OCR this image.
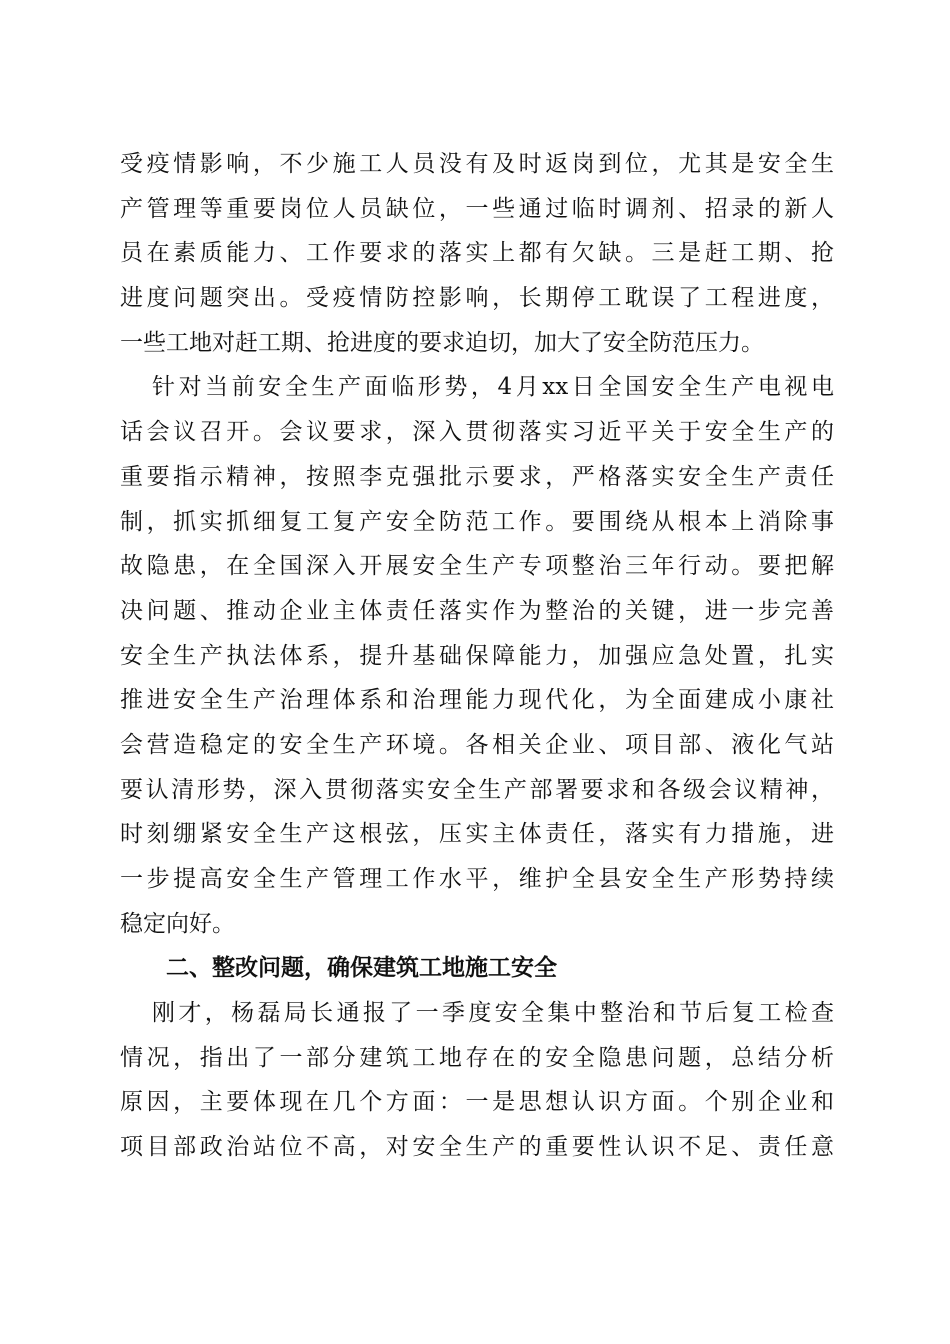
受疫情影响，不少施工人员没有及时返岗到位，尤其是安全生
产管理等重要岗位人员缺位，一些通过临时调剂、招录的新人
员在素质能力、工作要求的落实上都有欠缺。三是赶工期、抢
进度问题突出。受疫情防控影响，长期停工耽误了工程进度，
一些工地对赶工期、抢进度的要求迫切，加大了安全防范压力。
针对当前安全生产面临形势，4月xx日全国安全生产电视电
话会议召开。会议要求，深入贯彻落实习近平关于安全生产的
重要指示精神，按照李克强批示要求，严格落实安全生产责任
制，抓实抓细复工复产安全防范工作。要围绕从根本上消除事
故隐患，在全国深入开展安全生产专项整治三年行动。要把解
决问题、推动企业主体责任落实作为整治的关键，进一步完善
安全生产执法体系，提升基础保障能力，加强应急处置，扎实
推进安全生产治理体系和治理能力现代化，为全面建成小康社
会营造稳定的安全生产环境。各相关企业、项目部、液化气站
要认清形势，深入贯彻落实安全生产部署要求和各级会议精神，
时刻绷紧安全生产这根弦，压实主体责任，落实有力措施，进
一步提高安全生产管理工作水平，维护全县安全生产形势持续
稳定向好。
二、整改问题，确保建筑工地施工安全
刚才，杨磊局长通报了一季度安全集中整治和节后复工检查
情况，指出了一部分建筑工地存在的安全隐患问题，总结分析
原因，主要体现在几个方面：一是思想认识方面。个别企业和
项目部政治站位不高，对安全生产的重要性认识不足、责任意
